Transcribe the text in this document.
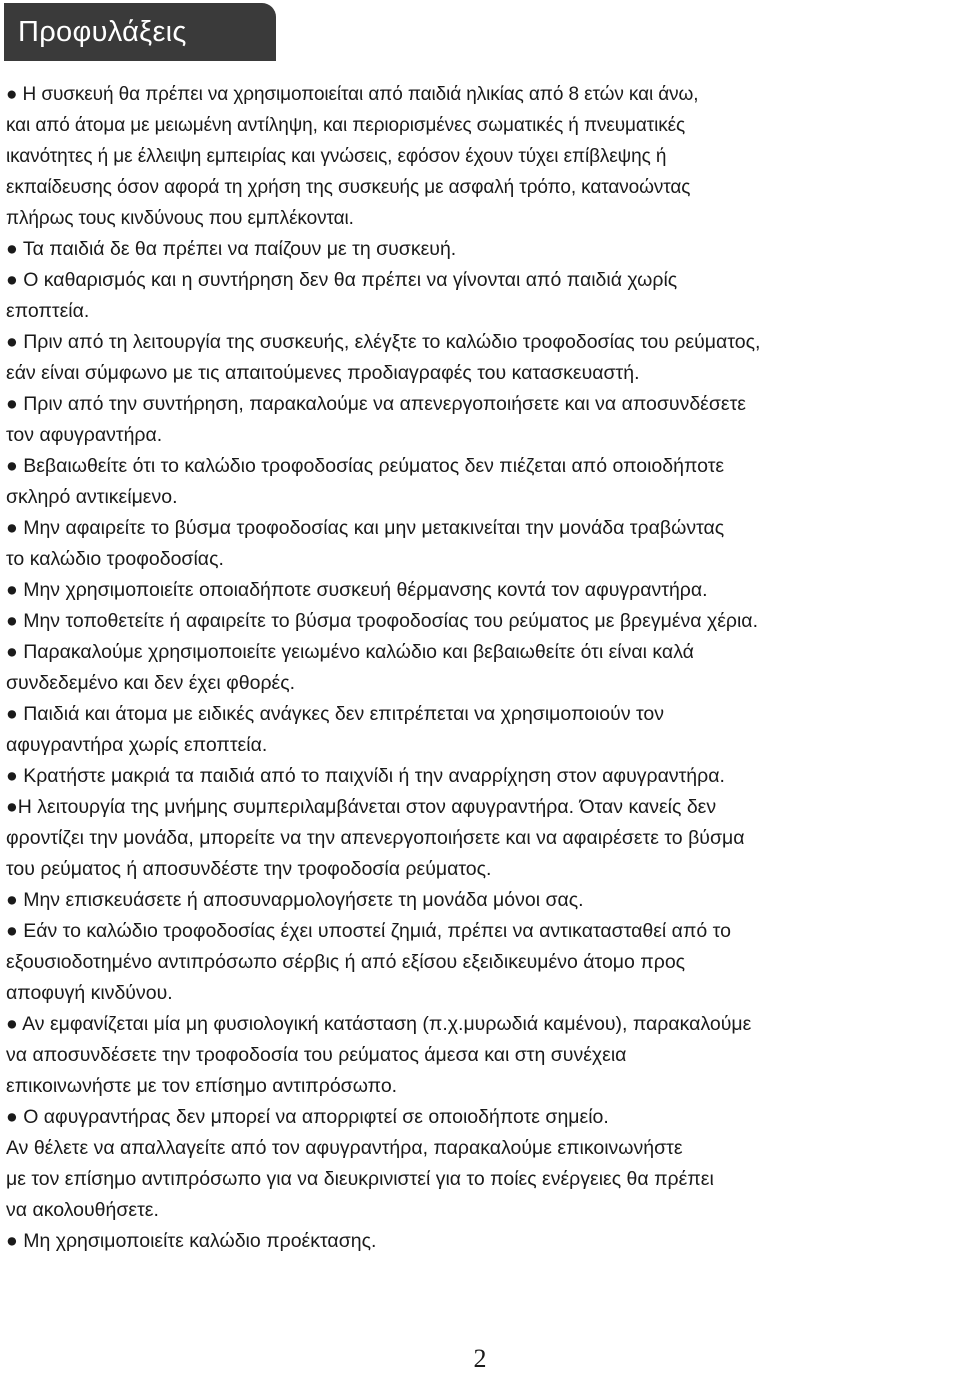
Προφυλάξεις

● Η συσκευή θα πρέπει να χρησιμοποιείται από παιδιά ηλικίας από 8 ετών και άνω,
και από άτομα με μειωμένη αντίληψη, και περιορισμένες σωματικές ή πνευματικές
ικανότητες ή με έλλειψη εμπειρίας και γνώσεις, εφόσον έχουν τύχει επίβλεψης ή
εκπαίδευσης όσον αφορά τη χρήση της συσκευής με ασφαλή τρόπο, κατανοώντας
πλήρως τους κινδύνους που εμπλέκονται.

● Τα παιδιά δε θα πρέπει να παίζουν με τη συσκευή.

● Ο καθαρισμός και η συντήρηση δεν θα πρέπει να γίνονται από παιδιά χωρίς
εποπτεία.

● Πριν από τη λειτουργία της συσκευής, ελέγξτε το καλώδιο τροφοδοσίας του ρεύματος,
εάν είναι σύμφωνο με τις απαιτούμενες προδιαγραφές του κατασκευαστή.

● Πριν από την συντήρηση, παρακαλούμε να απενεργοποιήσετε και να αποσυνδέσετε
τον αφυγραντήρα.

● Βεβαιωθείτε ότι το καλώδιο τροφοδοσίας ρεύματος δεν πιέζεται από οποιοδήποτε
σκληρό αντικείμενο.

● Μην αφαιρείτε το βύσμα τροφοδοσίας και μην μετακινείται την μονάδα τραβώντας
το καλώδιο τροφοδοσίας.

● Μην χρησιμοποιείτε οποιαδήποτε συσκευή θέρμανσης κοντά τον αφυγραντήρα.

● Μην τοποθετείτε ή αφαιρείτε το βύσμα τροφοδοσίας του ρεύματος με βρεγμένα χέρια.

● Παρακαλούμε χρησιμοποιείτε γειωμένο καλώδιο και βεβαιωθείτε ότι είναι καλά
συνδεδεμένο και δεν έχει φθορές.

● Παιδιά και άτομα με ειδικές ανάγκες δεν επιτρέπεται να χρησιμοποιούν τον
αφυγραντήρα χωρίς εποπτεία.

● Κρατήστε μακριά τα παιδιά από το παιχνίδι ή την αναρρίχηση στον αφυγραντήρα.

●Η λειτουργία της μνήμης συμπεριλαμβάνεται στον αφυγραντήρα. Όταν κανείς δεν
φροντίζει την μονάδα, μπορείτε να την απενεργοποιήσετε και να αφαιρέσετε το βύσμα
του ρεύματος ή αποσυνδέστε την τροφοδοσία ρεύματος.

● Μην επισκευάσετε ή αποσυναρμολογήσετε τη μονάδα μόνοι σας.

● Εάν το καλώδιο τροφοδοσίας έχει υποστεί ζημιά, πρέπει να αντικατασταθεί από το
εξουσιοδοτημένο αντιπρόσωπο σέρβις ή από εξίσου εξειδικευμένο άτομο προς
αποφυγή κινδύνου.

● Αν εμφανίζεται μία μη φυσιολογική κατάσταση (π.χ.μυρωδιά καμένου), παρακαλούμε
να αποσυνδέσετε την τροφοδοσία του ρεύματος άμεσα και στη συνέχεια
επικοινωνήστε με τον επίσημο αντιπρόσωπο.

● Ο αφυγραντήρας δεν μπορεί να απορριφτεί σε οποιοδήποτε σημείο.
Αν θέλετε να απαλλαγείτε από τον αφυγραντήρα, παρακαλούμε επικοινωνήστε
με τον επίσημο αντιπρόσωπο για να διευκρινιστεί για το ποίες ενέργειες θα πρέπει
να ακολουθήσετε.

● Μη χρησιμοποιείτε καλώδιο προέκτασης.

2
